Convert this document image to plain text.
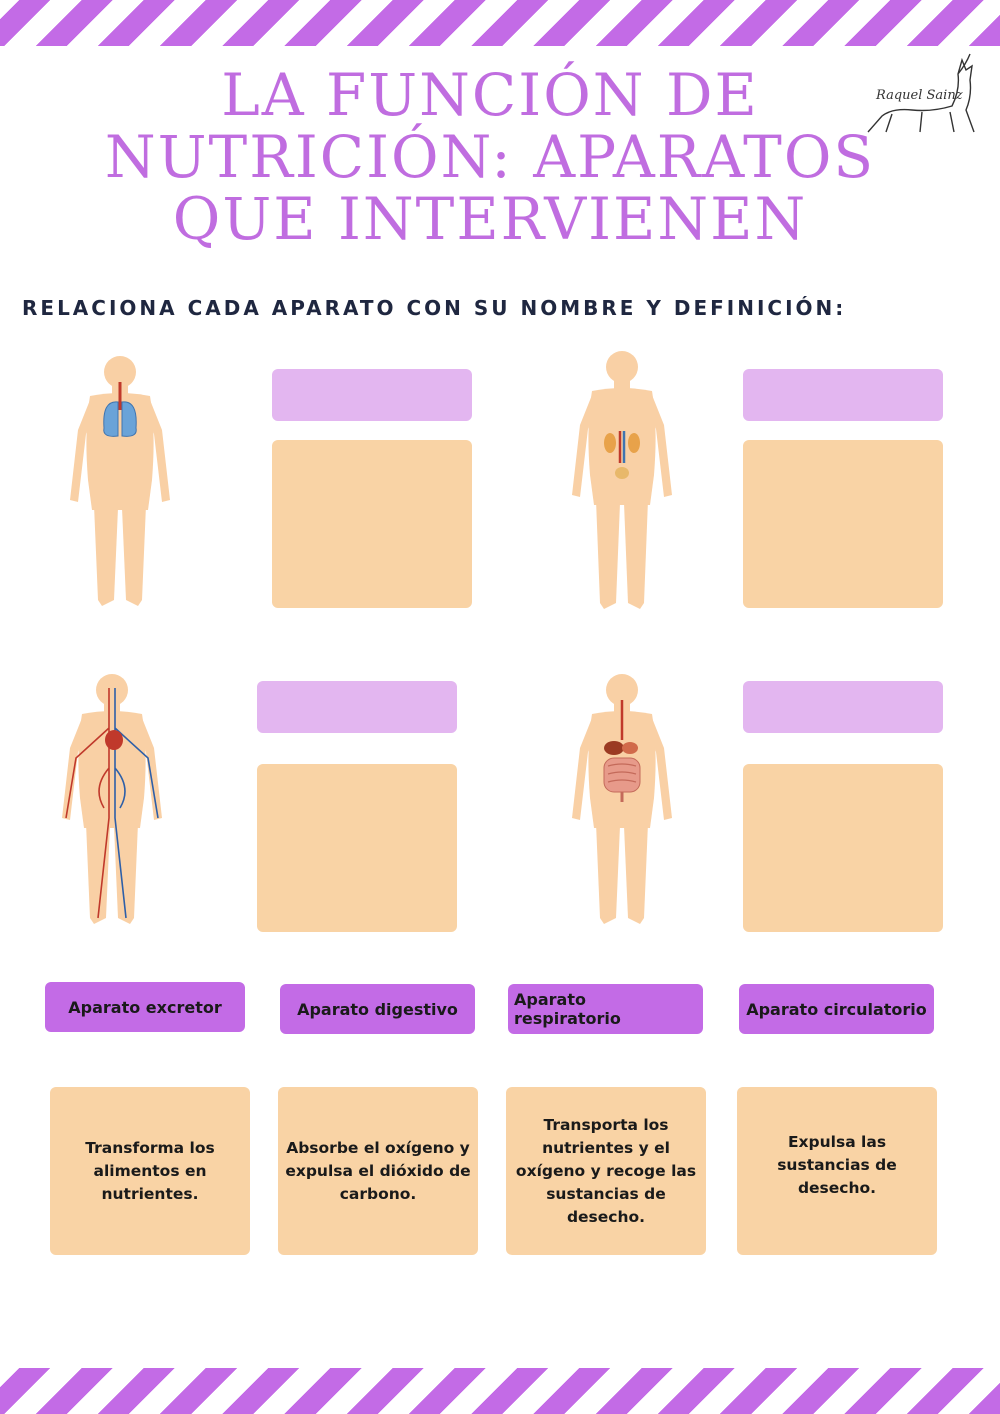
LA FUNCIÓN DE
NUTRICIÓN: APARATOS
QUE INTERVIENEN
Raquel Sainz

RELACIONA CADA APARATO CON SU NOMBRE Y DEFINICIÓN:

Aparato excretor	Aparato digestivo	Aparato respiratorio	Aparato circulatorio
Transforma los alimentos en nutrientes.
Absorbe el oxígeno y expulsa el dióxido de carbono.
Transporta los nutrientes y el oxígeno y recoge las sustancias de desecho.
Expulsa las sustancias de desecho.
